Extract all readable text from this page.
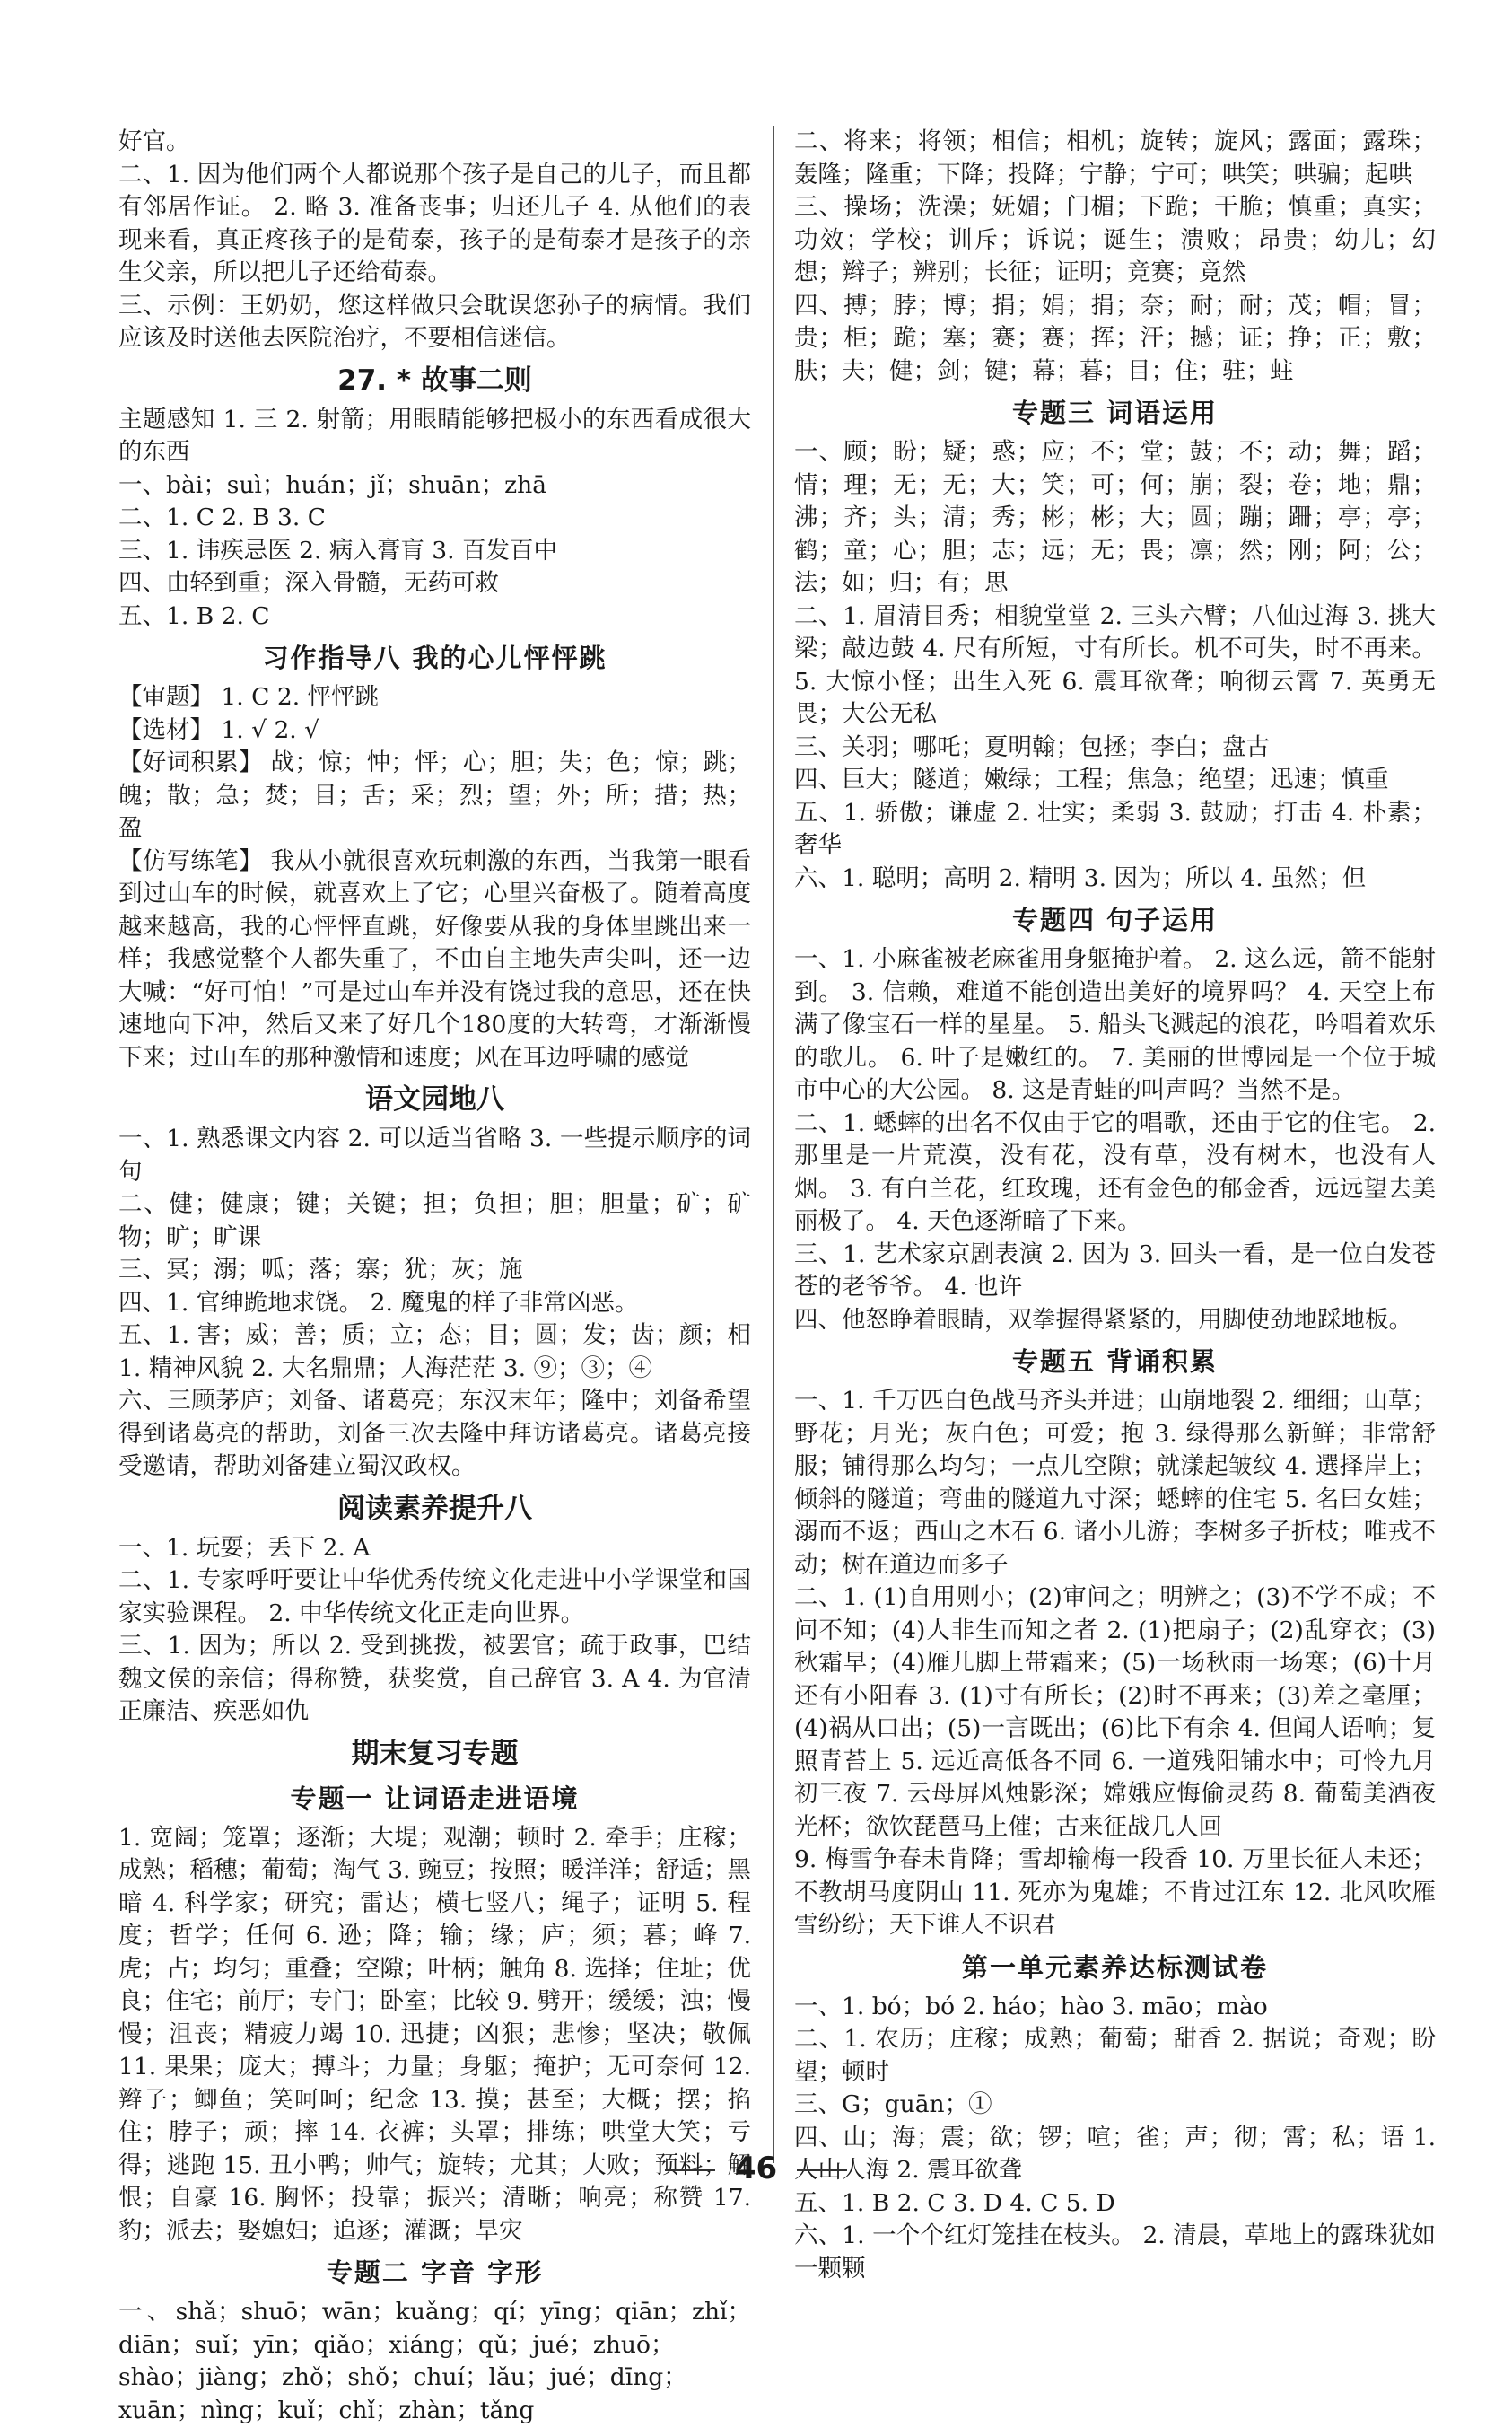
好官。

二、1. 因为他们两个人都说那个孩子是自己的儿子，而且都有邻居作证。 2. 略 3. 准备丧事；归还儿子 4. 从他们的表现来看，真正疼孩子的是荀泰，孩子的是荀泰才是孩子的亲生父亲，所以把儿子还给荀泰。

三、示例：王奶奶，您这样做只会耽误您孙子的病情。我们应该及时送他去医院治疗，不要相信迷信。

27. * 故事二则

主题感知 1. 三 2. 射箭；用眼睛能够把极小的东西看成很大的东西

一、bài；suì；huán；jǐ；shuān；zhā

二、1. C 2. B 3. C

三、1. 讳疾忌医 2. 病入膏肓 3. 百发百中

四、由轻到重；深入骨髓，无药可救

五、1. B 2. C

习作指导八 我的心儿怦怦跳

【审题】 1. C 2. 怦怦跳

【选材】 1. √ 2. √

【好词积累】 战；惊；忡；怦；心；胆；失；色；惊；跳；魄；散；急；焚；目；舌；采；烈；望；外；所；措；热；盈

【仿写练笔】 我从小就很喜欢玩刺激的东西，当我第一眼看到过山车的时候，就喜欢上了它；心里兴奋极了。随着高度越来越高，我的心怦怦直跳，好像要从我的身体里跳出来一样；我感觉整个人都失重了，不由自主地失声尖叫，还一边大喊：“好可怕！”可是过山车并没有饶过我的意思，还在快速地向下冲，然后又来了好几个180度的大转弯，才渐渐慢下来；过山车的那种激情和速度；风在耳边呼啸的感觉

语文园地八

一、1. 熟悉课文内容 2. 可以适当省略 3. 一些提示顺序的词句

二、健；健康；键；关键；担；负担；胆；胆量；矿；矿物；旷；旷课

三、冥；溺；呱；落；寨；犹；灰；施

四、1. 官绅跪地求饶。 2. 魔鬼的样子非常凶恶。

五、1. 害；威；善；质；立；态；目；圆；发；齿；颜；相 1. 精神风貌 2. 大名鼎鼎；人海茫茫 3. ⑨；③；④

六、三顾茅庐；刘备、诸葛亮；东汉末年；隆中；刘备希望得到诸葛亮的帮助，刘备三次去隆中拜访诸葛亮。诸葛亮接受邀请，帮助刘备建立蜀汉政权。

阅读素养提升八

一、1. 玩耍；丢下 2. A

二、1. 专家呼吁要让中华优秀传统文化走进中小学课堂和国家实验课程。 2. 中华传统文化正走向世界。

三、1. 因为；所以 2. 受到挑拨，被罢官；疏于政事，巴结魏文侯的亲信；得称赞，获奖赏，自己辞官 3. A 4. 为官清正廉洁、疾恶如仇

期末复习专题
专题一 让词语走进语境

1. 宽阔；笼罩；逐渐；大堤；观潮；顿时 2. 牵手；庄稼；成熟；稻穗；葡萄；淘气 3. 豌豆；按照；暖洋洋；舒适；黑暗 4. 科学家；研究；雷达；横七竖八；绳子；证明 5. 程度；哲学；任何 6. 逊；降；输；缘；庐；须；暮；峰 7. 虎；占；均匀；重叠；空隙；叶柄；触角 8. 选择；住址；优良；住宅；前厅；专门；卧室；比较 9. 劈开；缓缓；浊；慢慢；沮丧；精疲力竭 10. 迅捷；凶狠；悲惨；坚决；敬佩 11. 果果；庞大；搏斗；力量；身躯；掩护；无可奈何 12. 辫子；鲫鱼；笑呵呵；纪念 13. 摸；甚至；大概；摆；掐住；脖子；顽；摔 14. 衣裤；头罩；排练；哄堂大笑；亏得；逃跑 15. 丑小鸭；帅气；旋转；尤其；大败；预料；解恨；自豪 16. 胸怀；投靠；振兴；清晰；响亮；称赞 17. 豹；派去；娶媳妇；追逐；灌溉；旱灾

专题二 字音 字形

一、shǎ；shuō；wān；kuǎng；qí；yīng；qiān；zhǐ；diān；suǐ；yīn；qiǎo；xiáng；qǔ；jué；zhuō；shào；jiàng；zhǒ；shǒ；chuí；lǎu；jué；dīng；xuān；nìng；kuǐ；chǐ；zhàn；tǎng

二、将来；将领；相信；相机；旋转；旋风；露面；露珠；轰隆；隆重；下降；投降；宁静；宁可；哄笑；哄骗；起哄

三、操场；洗澡；妩媚；门楣；下跪；干脆；慎重；真实；功效；学校；训斥；诉说；诞生；溃败；昂贵；幼儿；幻想；辫子；辨别；长征；证明；竞赛；竟然

四、搏；脖；博；捐；娟；捐；奈；耐；耐；茂；帽；冒；贵；柜；跪；塞；赛；赛；挥；汗；撼；证；挣；正；敷；肤；夫；健；剑；键；幕；暮；目；住；驻；蛀

专题三 词语运用

一、顾；盼；疑；惑；应；不；堂；鼓；不；动；舞；蹈；情；理；无；无；大；笑；可；何；崩；裂；卷；地；鼎；沸；齐；头；清；秀；彬；彬；大；圆；蹦；跚；亭；亭；鹤；童；心；胆；志；远；无；畏；凛；然；刚；阿；公；法；如；归；有；思

二、1. 眉清目秀；相貌堂堂 2. 三头六臂；八仙过海 3. 挑大梁；敲边鼓 4. 尺有所短，寸有所长。机不可失，时不再来。 5. 大惊小怪；出生入死 6. 震耳欲聋；响彻云霄 7. 英勇无畏；大公无私

三、关羽；哪吒；夏明翰；包拯；李白；盘古

四、巨大；隧道；嫩绿；工程；焦急；绝望；迅速；慎重

五、1. 骄傲；谦虚 2. 壮实；柔弱 3. 鼓励；打击 4. 朴素；奢华

六、1. 聪明；高明 2. 精明 3. 因为；所以 4. 虽然；但

专题四 句子运用

一、1. 小麻雀被老麻雀用身躯掩护着。 2. 这么远，箭不能射到。 3. 信赖，难道不能创造出美好的境界吗？ 4. 天空上布满了像宝石一样的星星。 5. 船头飞溅起的浪花，吟唱着欢乐的歌儿。 6. 叶子是嫩红的。 7. 美丽的世博园是一个位于城市中心的大公园。 8. 这是青蛙的叫声吗？当然不是。

二、1. 蟋蟀的出名不仅由于它的唱歌，还由于它的住宅。 2. 那里是一片荒漠，没有花，没有草，没有树木，也没有人烟。 3. 有白兰花，红玫瑰，还有金色的郁金香，远远望去美丽极了。 4. 天色逐渐暗了下来。

三、1. 艺术家京剧表演 2. 因为 3. 回头一看，是一位白发苍苍的老爷爷。 4. 也许

四、他怒睁着眼睛，双拳握得紧紧的，用脚使劲地踩地板。

专题五 背诵积累

一、1. 千万匹白色战马齐头并进；山崩地裂 2. 细细；山草；野花；月光；灰白色；可爱；抱 3. 绿得那么新鲜；非常舒服；铺得那么均匀；一点儿空隙；就漾起皱纹 4. 選择岸上；倾斜的隧道；弯曲的隧道九寸深；蟋蟀的住宅 5. 名曰女娃；溺而不返；西山之木石 6. 诸小儿游；李树多子折枝；唯戎不动；树在道边而多子

二、1. (1)自用则小；(2)审问之；明辨之；(3)不学不成；不问不知；(4)人非生而知之者 2. (1)把扇子；(2)乱穿衣；(3)秋霜早；(4)雁儿脚上带霜来；(5)一场秋雨一场寒；(6)十月还有小阳春 3. (1)寸有所长；(2)时不再来；(3)差之毫厘；(4)祸从口出；(5)一言既出；(6)比下有余 4. 但闻人语响；复照青苔上 5. 远近高低各不同 6. 一道残阳铺水中；可怜九月初三夜 7. 云母屏风烛影深；嫦娥应悔偷灵药 8. 葡萄美酒夜光杯；欲饮琵琶马上催；古来征战几人回

9. 梅雪争春未肯降；雪却输梅一段香 10. 万里长征人未还；不教胡马度阴山 11. 死亦为鬼雄；不肯过江东 12. 北风吹雁雪纷纷；天下谁人不识君

第一单元素养达标测试卷

一、1. bó；bó 2. háo；hào 3. māo；mào

二、1. 农历；庄稼；成熟；葡萄；甜香 2. 据说；奇观；盼望；顿时

三、G；guān；①

四、山；海；震；欲；锣；喧；雀；声；彻；霄；私；语 1. 人山人海 2. 震耳欲聋

五、1. B 2. C 3. D 4. C 5. D

六、1. 一个个红灯笼挂在枝头。 2. 清晨，草地上的露珠犹如一颗颗

46
